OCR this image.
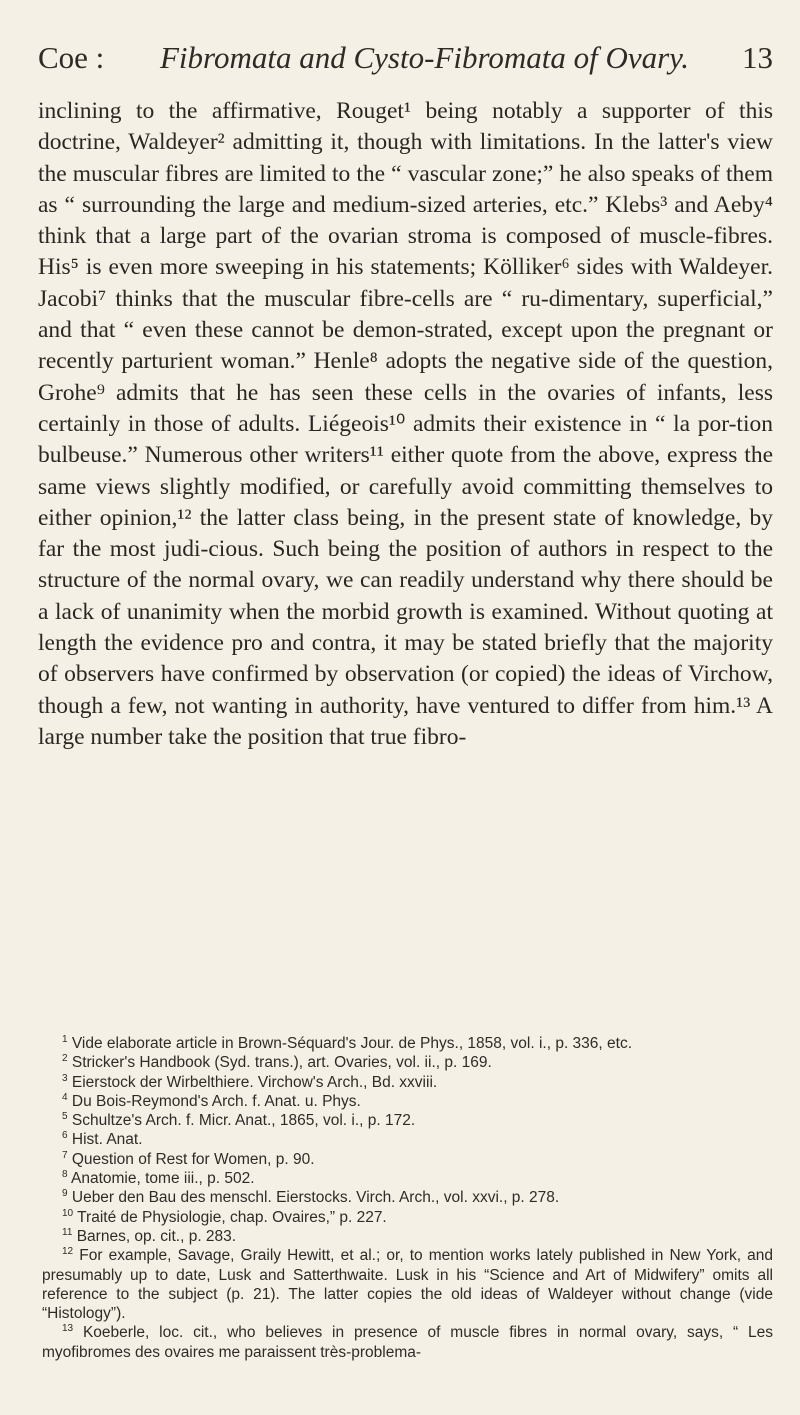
Coe : Fibromata and Cysto-Fibromata of Ovary. 13

inclining to the affirmative, Rouget¹ being notably a supporter of this doctrine, Waldeyer² admitting it, though with limitations. In the latter's view the muscular fibres are limited to the “ vascular zone;” he also speaks of them as “ surrounding the large and medium-sized arteries, etc.” Klebs³ and Aeby⁴ think that a large part of the ovarian stroma is composed of muscle-fibres. His⁵ is even more sweeping in his statements; Kölliker⁶ sides with Waldeyer. Jacobi⁷ thinks that the muscular fibre-cells are “ ru-dimentary, superficial,” and that “ even these cannot be demon-strated, except upon the pregnant or recently parturient woman.” Henle⁸ adopts the negative side of the question, Grohe⁹ admits that he has seen these cells in the ovaries of infants, less certainly in those of adults. Liégeois¹⁰ admits their existence in “ la por-tion bulbeuse.” Numerous other writers¹¹ either quote from the above, express the same views slightly modified, or carefully avoid committing themselves to either opinion,¹² the latter class being, in the present state of knowledge, by far the most judi-cious. Such being the position of authors in respect to the structure of the normal ovary, we can readily understand why there should be a lack of unanimity when the morbid growth is examined. Without quoting at length the evidence pro and contra, it may be stated briefly that the majority of observers have confirmed by observation (or copied) the ideas of Virchow, though a few, not wanting in authority, have ventured to differ from him.¹³ A large number take the position that true fibro-

$^1$ Vide elaborate article in Brown-Séquard's Jour. de Phys., 1858, vol. i., p. 336, etc.

$^2$ Stricker's Handbook (Syd. trans.), art. Ovaries, vol. ii., p. 169.

$^3$ Eierstock der Wirbelthiere. Virchow's Arch., Bd. xxviii.

$^4$ Du Bois-Reymond's Arch. f. Anat. u. Phys.

$^5$ Schultze's Arch. f. Micr. Anat., 1865, vol. i., p. 172.

$^6$ Hist. Anat.

$^7$ Question of Rest for Women, p. 90.

$^8$ Anatomie, tome iii., p. 502.

$^9$ Ueber den Bau des menschl. Eierstocks. Virch. Arch., vol. xxvi., p. 278.

$^{10}$ Traité de Physiologie, chap. Ovaires,” p. 227.

$^{11}$ Barnes, op. cit., p. 283.

$^{12}$ For example, Savage, Graily Hewitt, et al.; or, to mention works lately published in New York, and presumably up to date, Lusk and Satterthwaite. Lusk in his “Science and Art of Midwifery” omits all reference to the subject (p. 21). The latter copies the old ideas of Waldeyer without change (vide “Histology”).

$^{13}$ Koeberle, loc. cit., who believes in presence of muscle fibres in normal ovary, says, “ Les myofibromes des ovaires me paraissent très-problema-
